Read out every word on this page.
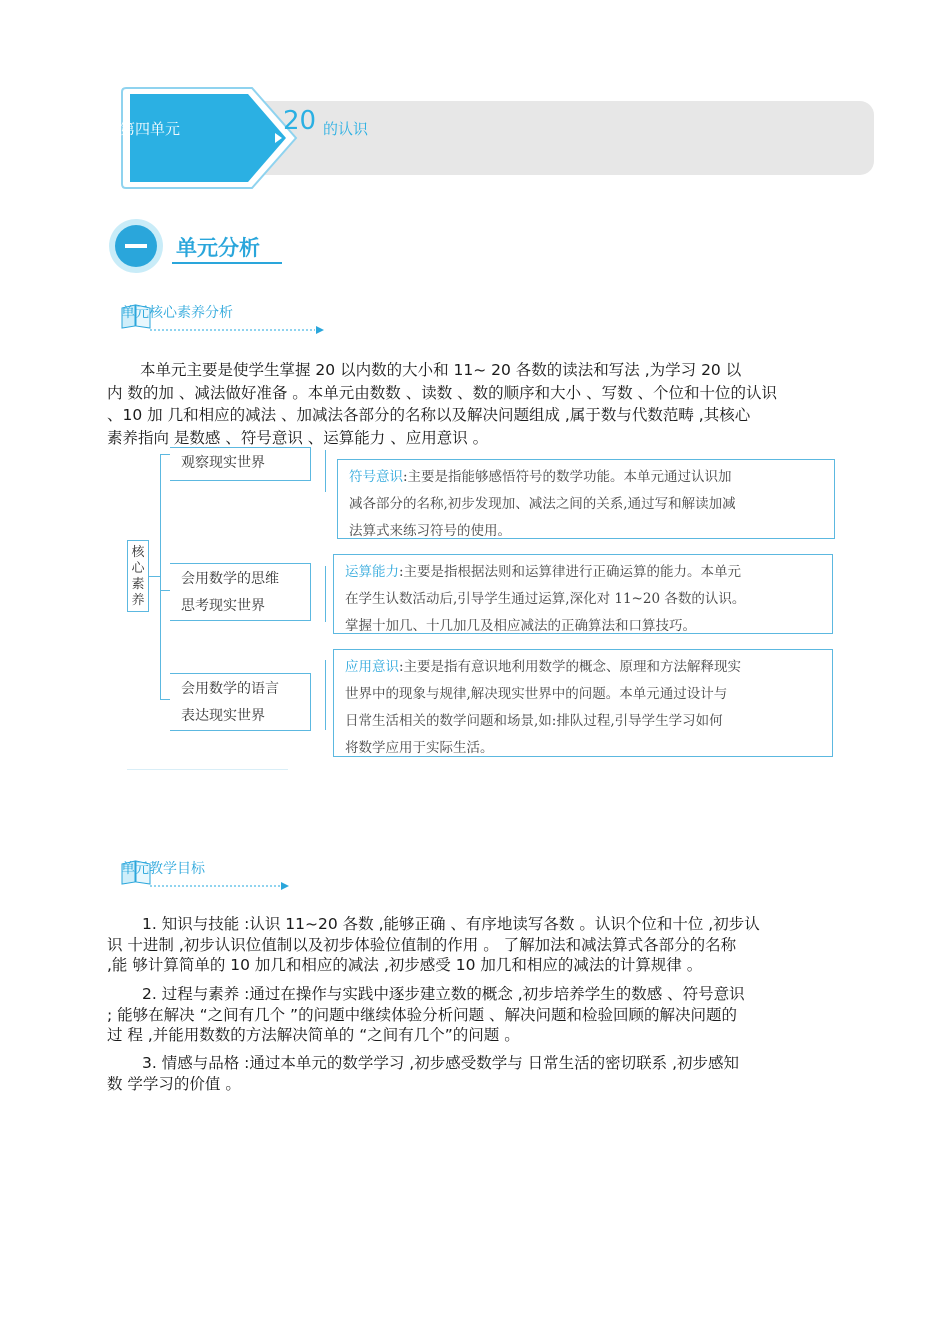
第四单元	20 的认识
单元分析
单元核心素养分析
本单元主要是使学生掌握 20 以内数的大小和 11~ 20 各数的读法和写法 ,为学习 20 以
内 数的加 、减法做好准备 。本单元由数数 、读数 、数的顺序和大小 、写数 、个位和十位的认识
、10 加 几和相应的减法 、加减法各部分的名称以及解决问题组成 ,属于数与代数范畴 ,其核心
素养指向 是数感 、符号意识 、运算能力 、应用意识 。
核
心
素
养
观察现实世界
会用数学的思维
思考现实世界
会用数学的语言
表达现实世界
符号意识:主要是指能够感悟符号的数学功能。本单元通过认识加
减各部分的名称,初步发现加、减法之间的关系,通过写和解读加减
法算式来练习符号的使用。
运算能力:主要是指根据法则和运算律进行正确运算的能力。本单元
在学生认数活动后,引导学生通过运算,深化对 11~20 各数的认识。
掌握十加几、十几加几及相应减法的正确算法和口算技巧。
应用意识:主要是指有意识地利用数学的概念、原理和方法解释现实
世界中的现象与规律,解决现实世界中的问题。本单元通过设计与
日常生活相关的数学问题和场景,如:排队过程,引导学生学习如何
将数学应用于实际生活。
单元教学目标
1. 知识与技能 :认识 11~20 各数 ,能够正确 、有序地读写各数 。认识个位和十位 ,初步认
识 十进制 ,初步认识位值制以及初步体验位值制的作用 。 了解加法和减法算式各部分的名称
,能 够计算简单的 10 加几和相应的减法 ,初步感受 10 加几和相应的减法的计算规律 。
2. 过程与素养 :通过在操作与实践中逐步建立数的概念 ,初步培养学生的数感 、符号意识
; 能够在解决 “之间有几个 ”的问题中继续体验分析问题 、解决问题和检验回顾的解决问题的
过 程 ,并能用数数的方法解决简单的 “之间有几个”的问题 。
3. 情感与品格 :通过本单元的数学学习 ,初步感受数学与 日常生活的密切联系 ,初步感知
数 学学习的价值 。
